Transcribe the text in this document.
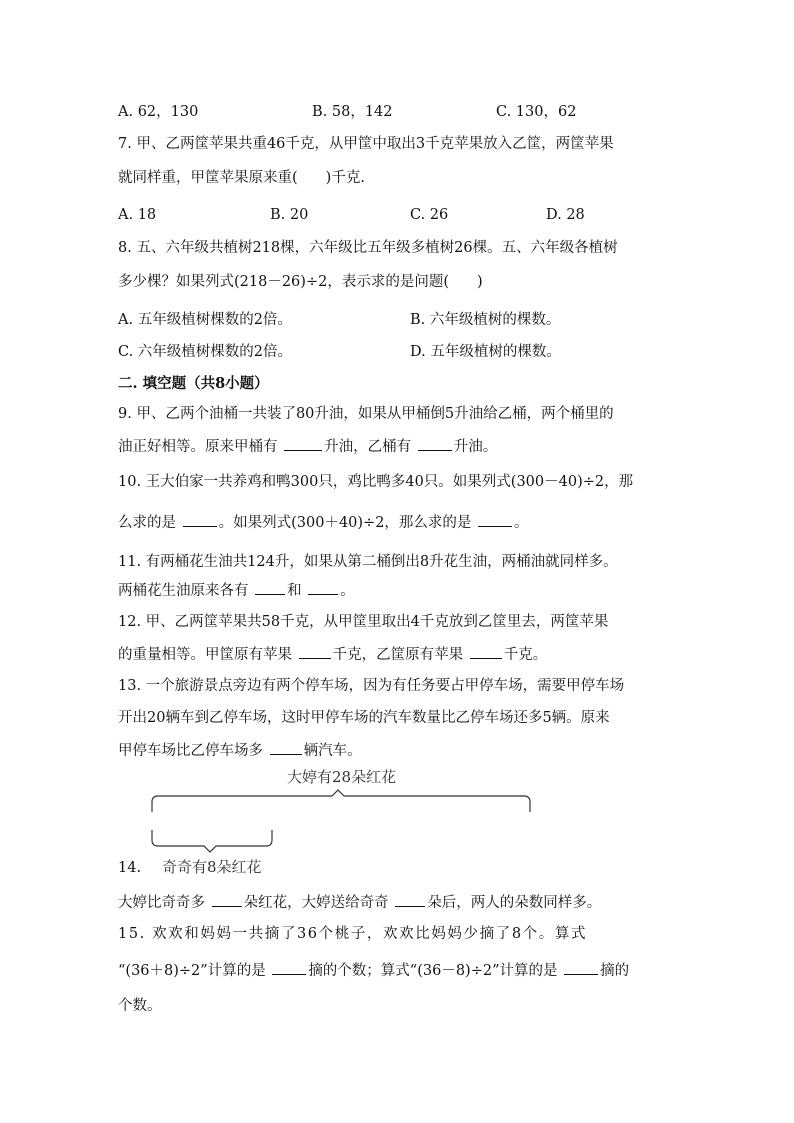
A. 62，130	B. 58，142	C. 130，62
7. 甲、乙两筐苹果共重46千克，从甲筐中取出3千克苹果放入乙筐，两筐苹果
就同样重，甲筐苹果原来重( )千克.
A. 18	B. 20	C. 26	D. 28
8. 五、六年级共植树218棵，六年级比五年级多植树26棵。五、六年级各植树
多少棵？如果列式(218－26)÷2，表示求的是问题( )
A. 五年级植树棵数的2倍。	B. 六年级植树的棵数。
C. 六年级植树棵数的2倍。	D. 五年级植树的棵数。
二. 填空题（共8小题）
9. 甲、乙两个油桶一共装了80升油，如果从甲桶倒5升油给乙桶，两个桶里的
油正好相等。原来甲桶有	升油，乙桶有	升油。
10. 王大伯家一共养鸡和鸭300只，鸡比鸭多40只。如果列式(300－40)÷2，那
么求的是	。如果列式(300＋40)÷2，那么求的是	。
11. 有两桶花生油共124升，如果从第二桶倒出8升花生油，两桶油就同样多。
两桶花生油原来各有 和 。
12. 甲、乙两筐苹果共58千克，从甲筐里取出4千克放到乙筐里去，两筐苹果
的重量相等。甲筐原有苹果 千克，乙筐原有苹果 千克。
13. 一个旅游景点旁边有两个停车场，因为有任务要占甲停车场，需要甲停车场
开出20辆车到乙停车场，这时甲停车场的汽车数量比乙停车场还多5辆。原来
甲停车场比乙停车场多 辆汽车。
大婷有28朵红花
14. 奇奇有8朵红花
大婷比奇奇多 朵红花，大婷送给奇奇 朵后，两人的朵数同样多。
15. 欢欢和妈妈一共摘了36个桃子，欢欢比妈妈少摘了8个。算式
“(36＋8)÷2”计算的是	摘的个数；算式“(36－8)÷2”计算的是	摘的
个数。
